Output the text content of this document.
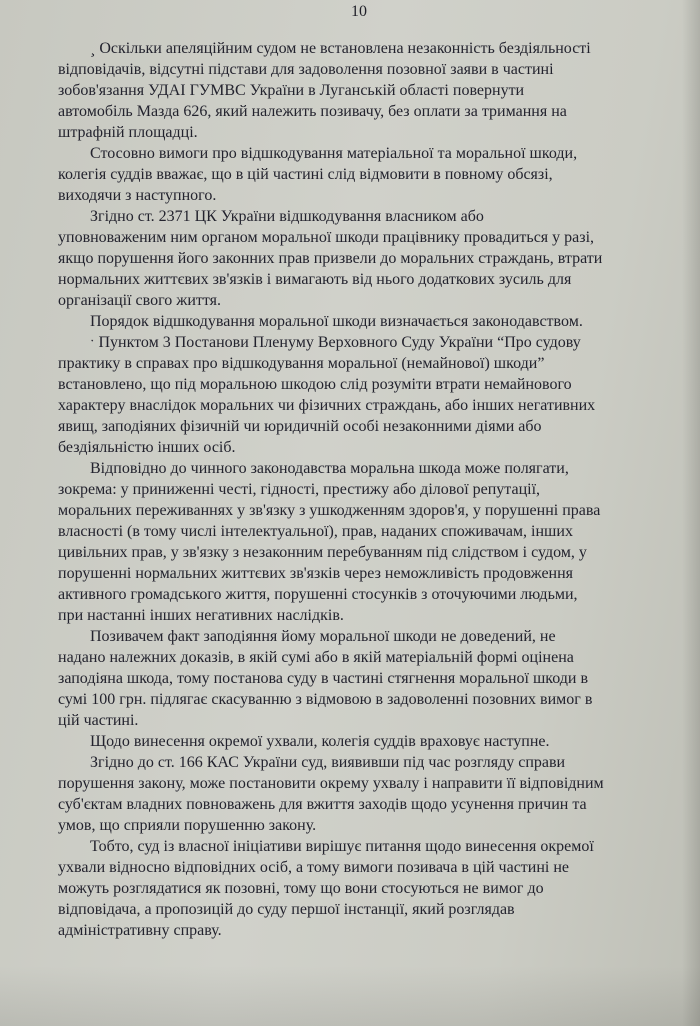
10

¸ Оскільки апеляційним судом не встановлена незаконність бездіяльності
відповідачів, відсутні підстави для задоволення позовної заяви в частині
зобов'язання УДАІ ГУМВС України в Луганській області повернути
автомобіль Мазда 626, який належить позивачу, без оплати за тримання на
штрафній площадці.

Стосовно вимоги про відшкодування матеріальної та моральної шкоди,
колегія суддів вважає, що в цій частині слід відмовити в повному обсязі,
виходячи з наступного.

Згідно ст. 2371 ЦК України відшкодування власником або
уповноваженим ним органом моральної шкоди працівнику провадиться у разі,
якщо порушення його законних прав призвели до моральних страждань, втрати
нормальних життєвих зв'язків і вимагають від нього додаткових зусиль для
організації свого життя.

Порядок відшкодування моральної шкоди визначається законодавством.

ˑ Пунктом 3 Постанови Пленуму Верховного Суду України “Про судову
практику в справах про відшкодування моральної (немайнової) шкоди”
встановлено, що під моральною шкодою слід розуміти втрати немайнового
характеру внаслідок моральних чи фізичних страждань, або інших негативних
явищ, заподіяних фізичній чи юридичній особі незаконними діями або
бездіяльністю інших осіб.

Відповідно до чинного законодавства моральна шкода може полягати,
зокрема: у приниженні честі, гідності, престижу або ділової репутації,
моральних переживаннях у зв'язку з ушкодженням здоров'я, у порушенні права
власності (в тому числі інтелектуальної), прав, наданих споживачам, інших
цивільних прав, у зв'язку з незаконним перебуванням під слідством і судом, у
порушенні нормальних життєвих зв'язків через неможливість продовження
активного громадського життя, порушенні стосунків з оточуючими людьми,
при настанні інших негативних наслідків.

Позивачем факт заподіяння йому моральної шкоди не доведений, не
надано належних доказів, в якій сумі або в якій матеріальній формі оцінена
заподіяна шкода, тому постанова суду в частині стягнення моральної шкоди в
сумі 100 грн. підлягає скасуванню з відмовою в задоволенні позовних вимог в
цій частині.

Щодо винесення окремої ухвали, колегія суддів враховує наступне.

Згідно до ст. 166 КАС України суд, виявивши під час розгляду справи
порушення закону, може постановити окрему ухвалу і направити її відповідним
суб'єктам владних повноважень для вжиття заходів щодо усунення причин та
умов, що сприяли порушенню закону.

Тобто, суд із власної ініціативи вирішує питання щодо винесення окремої
ухвали відносно відповідних осіб, а тому вимоги позивача в цій частині не
можуть розглядатися як позовні, тому що вони стосуються не вимог до
відповідача, а пропозицій до суду першої інстанції, який розглядав
адміністративну справу.
